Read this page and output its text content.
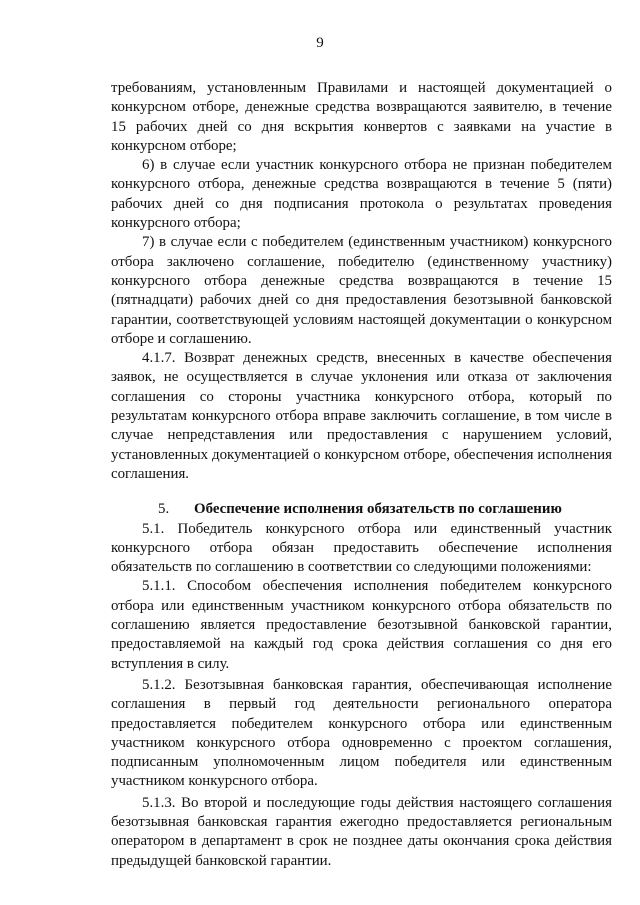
9

требованиям, установленным Правилами и настоящей документацией о конкурсном отборе, денежные средства возвращаются заявителю, в течение 15 рабочих дней со дня вскрытия конвертов с заявками на участие в конкурсном отборе;

6) в случае если участник конкурсного отбора не признан победителем конкурсного отбора, денежные средства возвращаются в течение 5 (пяти) рабочих дней со дня подписания протокола о результатах проведения конкурсного отбора;

7) в случае если с победителем (единственным участником) конкурсного отбора заключено соглашение, победителю (единственному участнику) конкурсного отбора денежные средства возвращаются в течение 15 (пятнадцати) рабочих дней со дня предоставления безотзывной банковской гарантии, соответствующей условиям настоящей документации о конкурсном отборе и соглашению.

4.1.7. Возврат денежных средств, внесенных в качестве обеспечения заявок, не осуществляется в случае уклонения или отказа от заключения соглашения со стороны участника конкурсного отбора, который по результатам конкурсного отбора вправе заключить соглашение, в том числе в случае непредставления или предоставления с нарушением условий, установленных документацией о конкурсном отборе, обеспечения исполнения соглашения.

5. Обеспечение исполнения обязательств по соглашению

5.1. Победитель конкурсного отбора или единственный участник конкурсного отбора обязан предоставить обеспечение исполнения обязательств по соглашению в соответствии со следующими положениями:

5.1.1. Способом обеспечения исполнения победителем конкурсного отбора или единственным участником конкурсного отбора обязательств по соглашению является предоставление безотзывной банковской гарантии, предоставляемой на каждый год срока действия соглашения со дня его вступления в силу.

5.1.2. Безотзывная банковская гарантия, обеспечивающая исполнение соглашения в первый год деятельности регионального оператора предоставляется победителем конкурсного отбора или единственным участником конкурсного отбора одновременно с проектом соглашения, подписанным уполномоченным лицом победителя или единственным участником конкурсного отбора.

5.1.3. Во второй и последующие годы действия настоящего соглашения безотзывная банковская гарантия ежегодно предоставляется региональным оператором в департамент в срок не позднее даты окончания срока действия предыдущей банковской гарантии.
